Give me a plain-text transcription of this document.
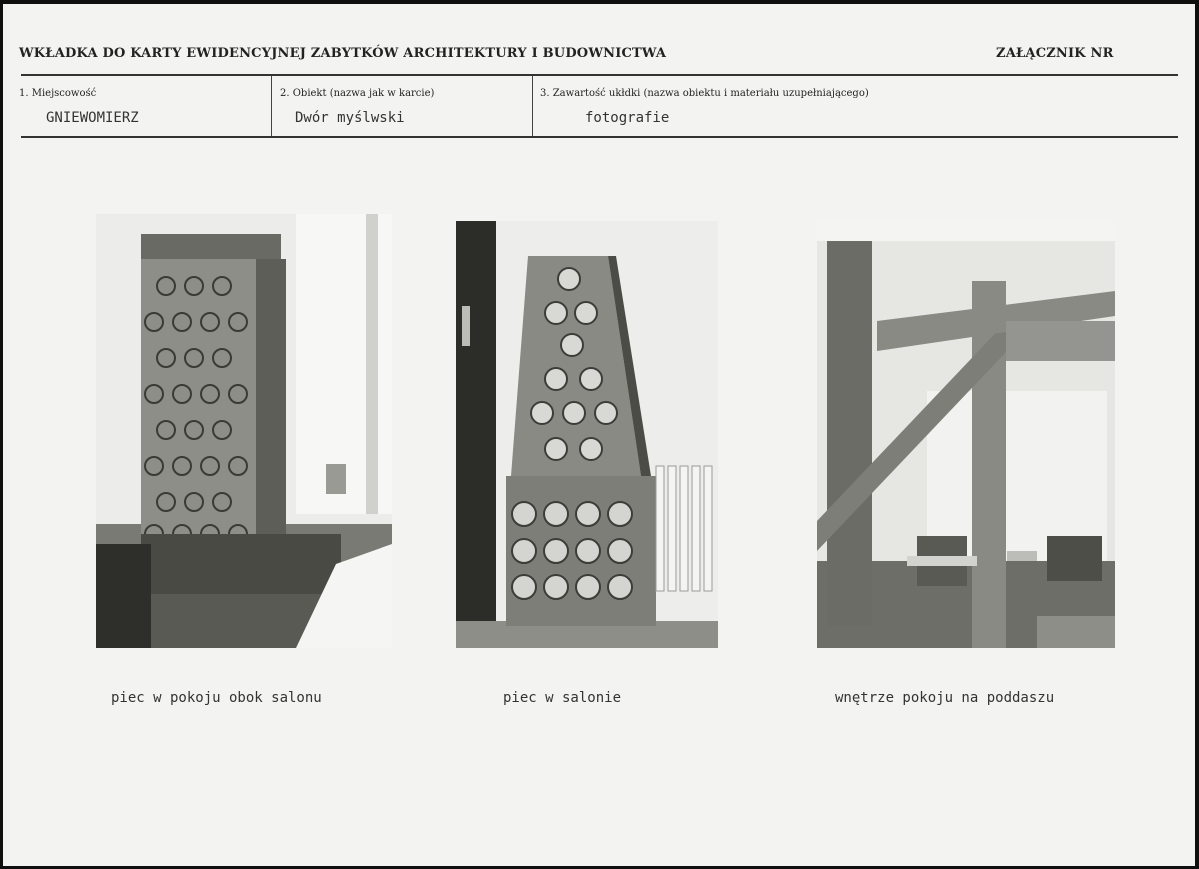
WKŁADKA DO KARTY EWIDENCYJNEJ ZABYTKÓW ARCHITEKTURY I BUDOWNICTWA	ZAŁĄCZNIK NR
1. Miejscowość
GNIEWOMIERZ
2. Obiekt (nazwa jak w karcie)
Dwór myślwski
3. Zawartość ukłdki (nazwa obiektu i materiału uzupełniającego)
fotografie
piec w pokoju obok salonu	piec w salonie	wnętrze pokoju na poddaszu
